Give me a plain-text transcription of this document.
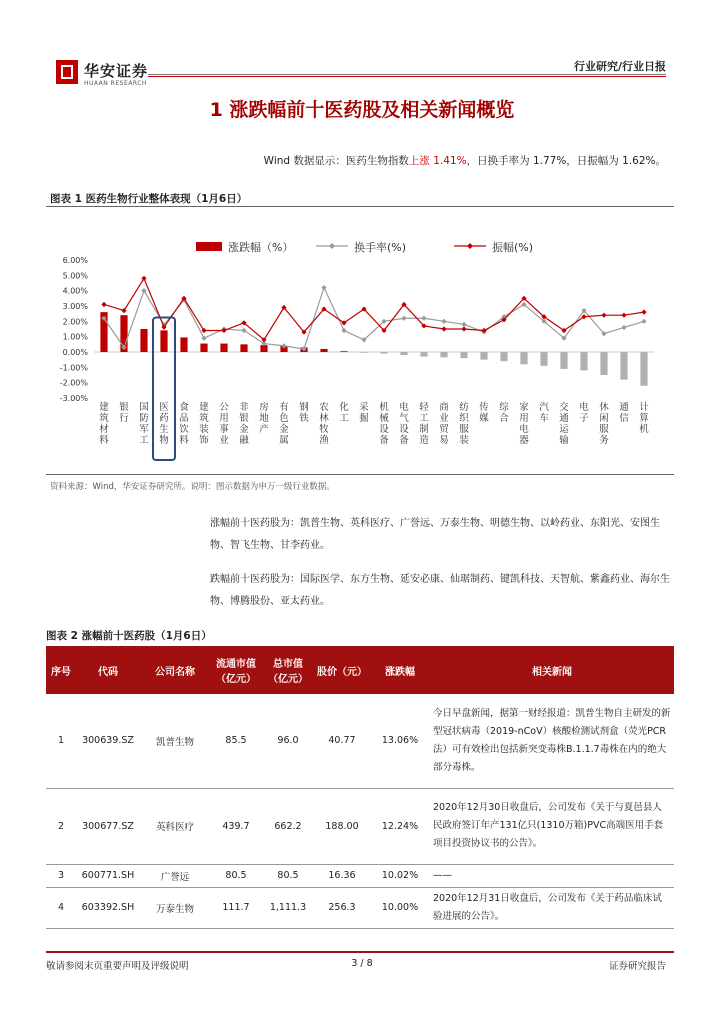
华安证券
HUAAN RESEARCH
行业研究/行业日报
1 涨跌幅前十医药股及相关新闻概览
Wind 数据显示：医药生物指数上涨 1.41%，日换手率为 1.77%，日振幅为 1.62%。
图表 1 医药生物行业整体表现（1月6日）
涨跌幅（%）	换手率(%)	振幅(%)
6.00%
5.00%
4.00%
3.00%
2.00%
1.00%
0.00%
-1.00%
-2.00%
-3.00%
建筑材料
银行
国防军工
医药生物
食品饮料
建筑装饰
公用事业
非银金融
房地产
有色金属
钢铁
农林牧渔
化工
采掘
机械设备
电气设备
轻工制造
商业贸易
纺织服装
传媒
综合
家用电器
汽车
交通运输
电子
休闲服务
通信
计算机
资料来源：Wind，华安证券研究所。说明：图示数据为申万一级行业数据。
涨幅前十医药股为：凯普生物、英科医疗、广誉远、万泰生物、明德生物、以岭药业、东阳光、安图生物、智飞生物、甘李药业。
跌幅前十医药股为：国际医学、东方生物、延安必康、仙琚制药、键凯科技、天智航、紫鑫药业、海尔生物、博腾股份、亚太药业。
图表 2 涨幅前十医药股（1月6日）
序号	代码	公司名称	流通市值（亿元）	总市值（亿元）	股价（元）	涨跌幅	相关新闻
1	300639.SZ	凯普生物	85.5	96.0	40.77	13.06%	今日早盘新闻，据第一财经报道：凯普生物自主研发的新型冠状病毒（2019-nCoV）核酸检测试剂盒（荧光PCR法）可有效检出包括新突变毒株B.1.1.7毒株在内的绝大部分毒株。
2	300677.SZ	英科医疗	439.7	662.2	188.00	12.24%	2020年12月30日收盘后，公司发布《关于与夏邑县人民政府签订年产131亿只(1310万箱)PVC高端医用手套项目投资协议书的公告》。
3	600771.SH	广誉远	80.5	80.5	16.36	10.02%	——
4	603392.SH	万泰生物	111.7	1,111.3	256.3	10.00%	2020年12月31日收盘后，公司发布《关于药品临床试验进展的公告》。
敬请参阅末页重要声明及评级说明	3 / 8	证券研究报告
